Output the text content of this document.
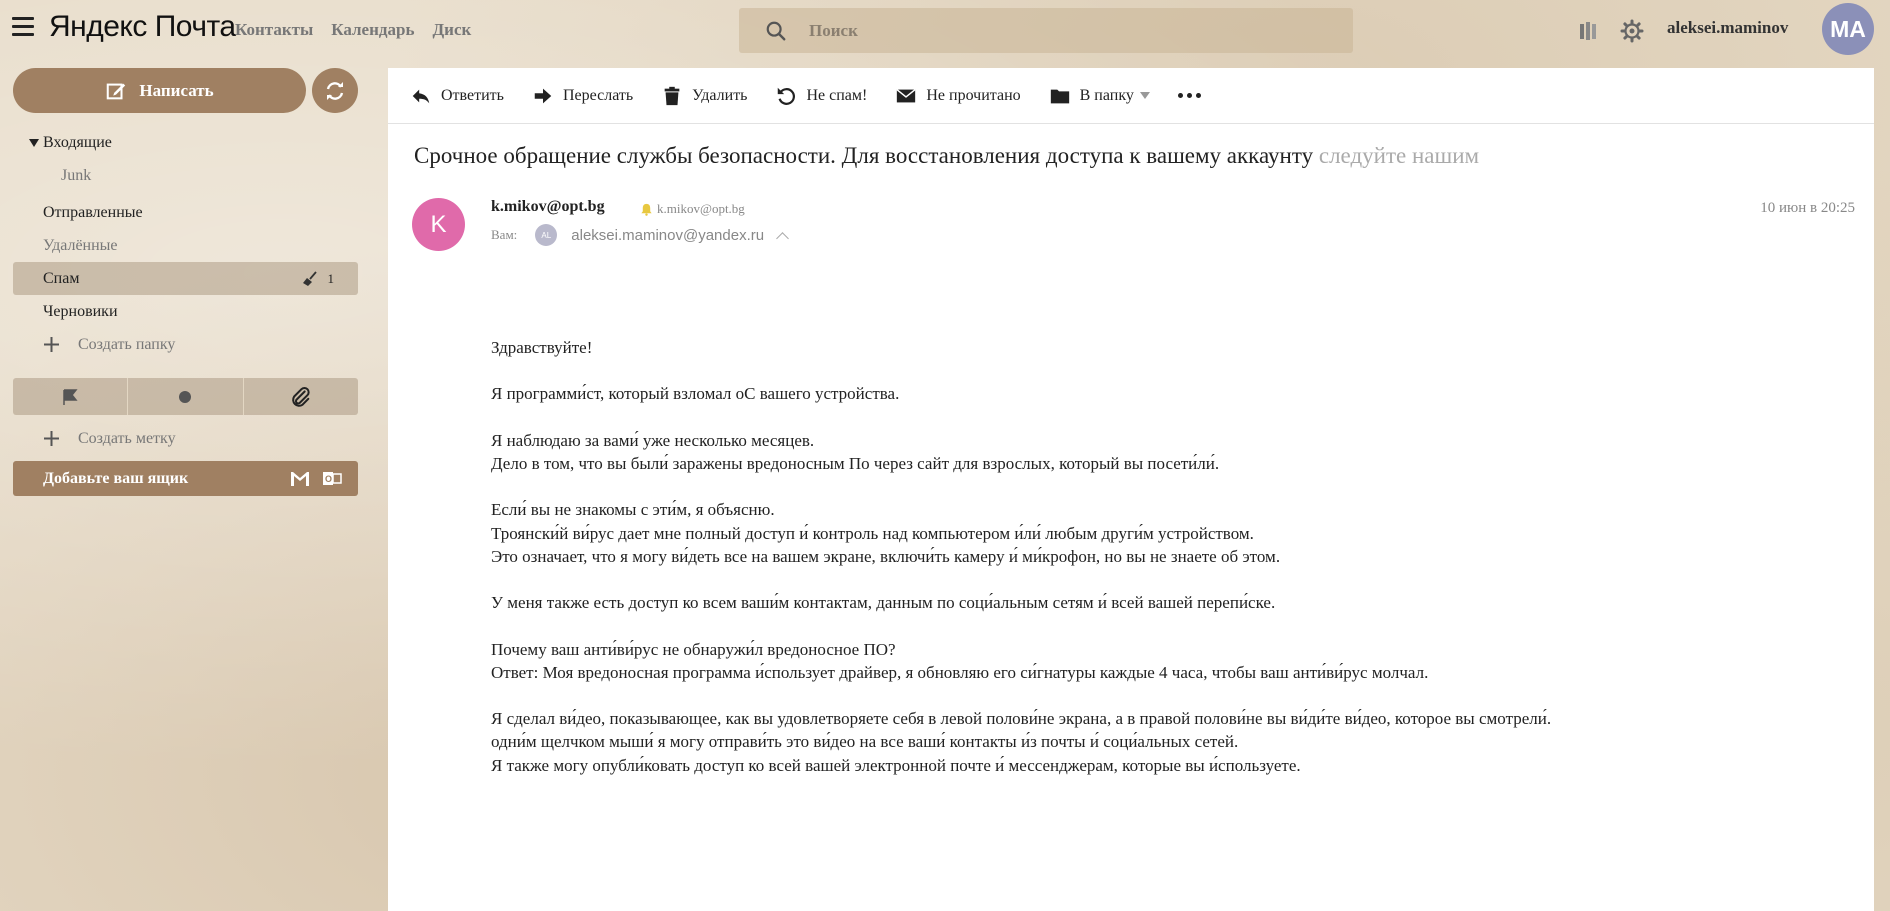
Яндекс Почта Контакты Календарь Диск
Поиск	aleksei.maminov	MA
Написать
Входящие
Junk
Отправленные
Удалённые
Спам	1
Черновики
Создать папку
Создать метку
Добавьте ваш ящик	O
Ответить	Переслать	Удалить	Не спам!	Не прочитано	В папку
Срочное обращение службы безопасности. Для восстановления доступа к вашему аккаунту следуйте нашим
K
k.mikov@opt.bg	k.mikov@opt.bg
Вам:	AL	aleksei.maminov@yandex.ru
10 июн в 20:25

Здравствуйте!

Я программи́ст, который взломал оС вашего устройства.

Я наблюдаю за вами́ уже несколько месяцев.
Дело в том, что вы были́ заражены вредоносным По через сайт для взрослых, который вы посети́ли́.

Если́ вы не знакомы с эти́м, я объясню.
Троянски́й ви́рус дает мне полный доступ и́ контроль над компьютером и́ли́ любым други́м устройством.
Это означает, что я могу ви́деть все на вашем экране, включи́ть камеру и́ ми́крофон, но вы не знаете об этом.

У меня также есть доступ ко всем ваши́м контактам, данным по соци́альным сетям и́ всей вашей перепи́ске.

Почему ваш анти́ви́рус не обнаружи́л вредоносное ПО?
Ответ: Моя вредоносная программа и́спользует драйвер, я обновляю его си́гнатуры каждые 4 часа, чтобы ваш анти́ви́рус молчал.

Я сделал ви́део, показывающее, как вы удовлетворяете себя в левой полови́не экрана, а в правой полови́не вы ви́ди́те ви́део, которое вы смотрели́.
одни́м щелчком мыши́ я могу отправи́ть это ви́део на все ваши́ контакты и́з почты и́ соци́альных сетей.
Я также могу опубли́ковать доступ ко всей вашей электронной почте и́ мессенджерам, которые вы и́спользуете.
